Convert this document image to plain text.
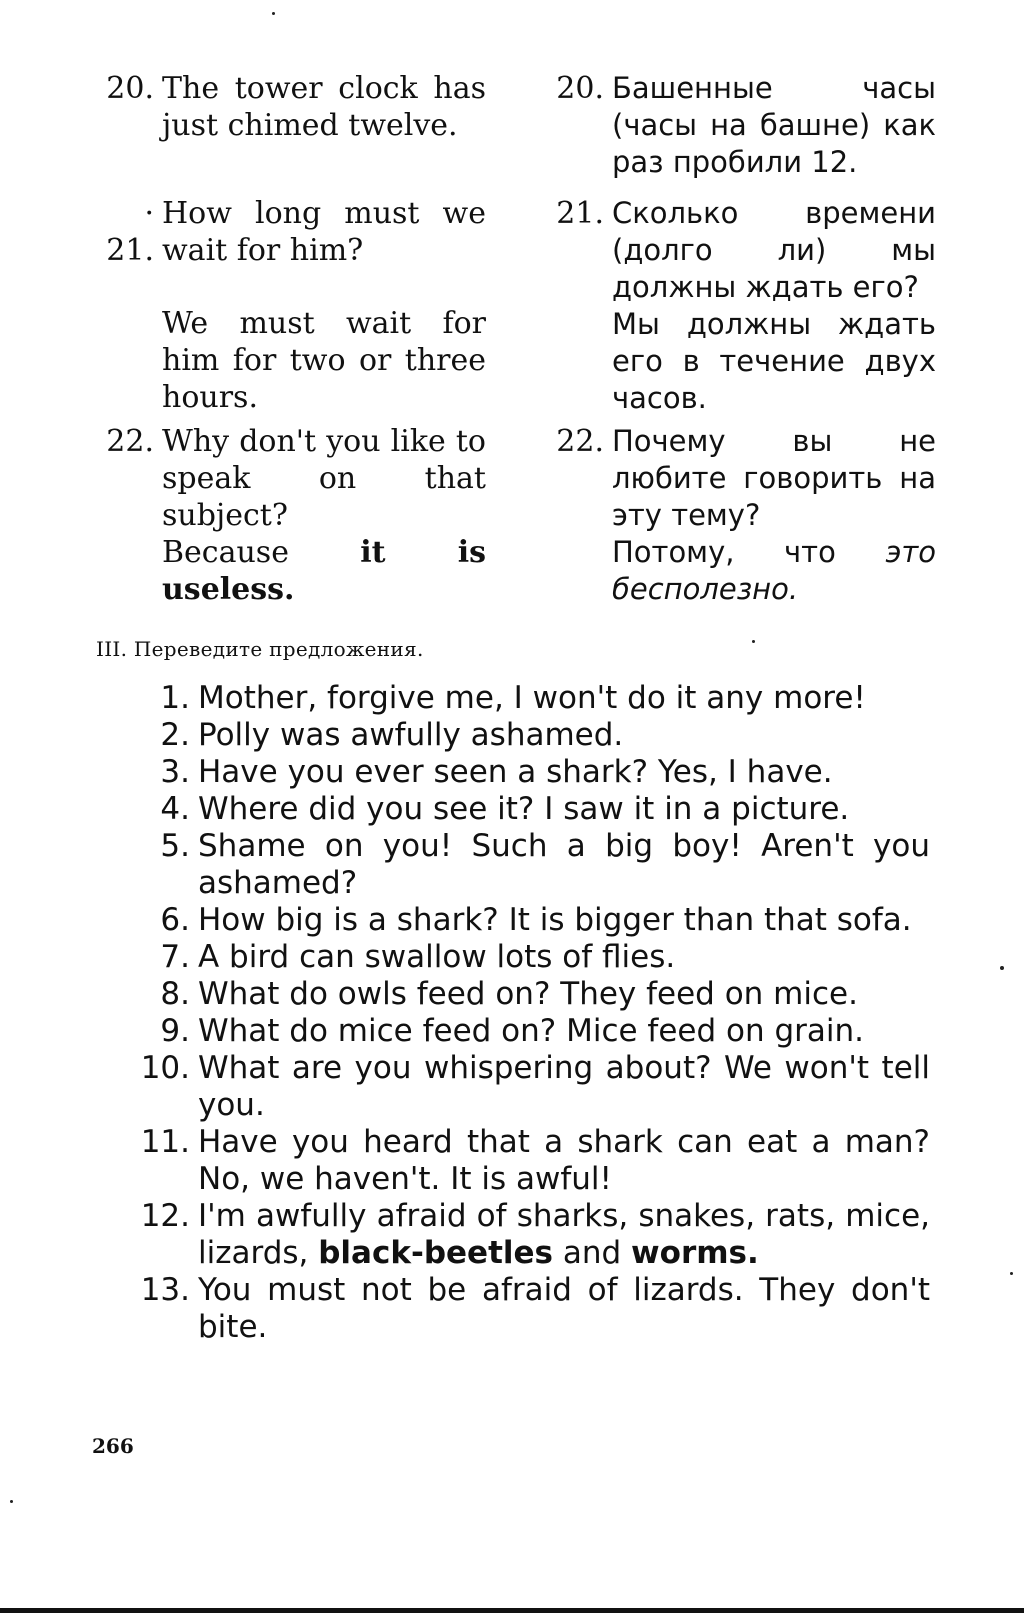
20. The tower clock has just chimed twelve.

20. Башенные часы (часы на башне) как раз пробили 12.

· 21.

How long must we wait for him?

We must wait for him for two or three hours.

21. Сколько времени (долго ли) мы должны ждать его?

Мы должны ждать его в течение двух часов.

22. Why don't you like to speak on that subject?

Because it is useless.

22. Почему вы не любите говорить на эту тему?

Потому, что это бесполезно.

III. Переведите предложения.
1. Mother, forgive me, I won't do it any more!
2. Polly was awfully ashamed.
3. Have you ever seen a shark? Yes, I have.
4. Where did you see it? I saw it in a picture.
5. Shame on you! Such a big boy! Aren't you ashamed?
6. How big is a shark? It is bigger than that sofa.
7. A bird can swallow lots of flies.
8. What do owls feed on? They feed on mice.
9. What do mice feed on? Mice feed on grain.
10. What are you whispering about? We won't tell you.
11. Have you heard that a shark can eat a man? No, we haven't. It is awful!
12. I'm awfully afraid of sharks, snakes, rats, mice, lizards, black-beetles and worms.
13. You must not be afraid of lizards. They don't bite.
266
